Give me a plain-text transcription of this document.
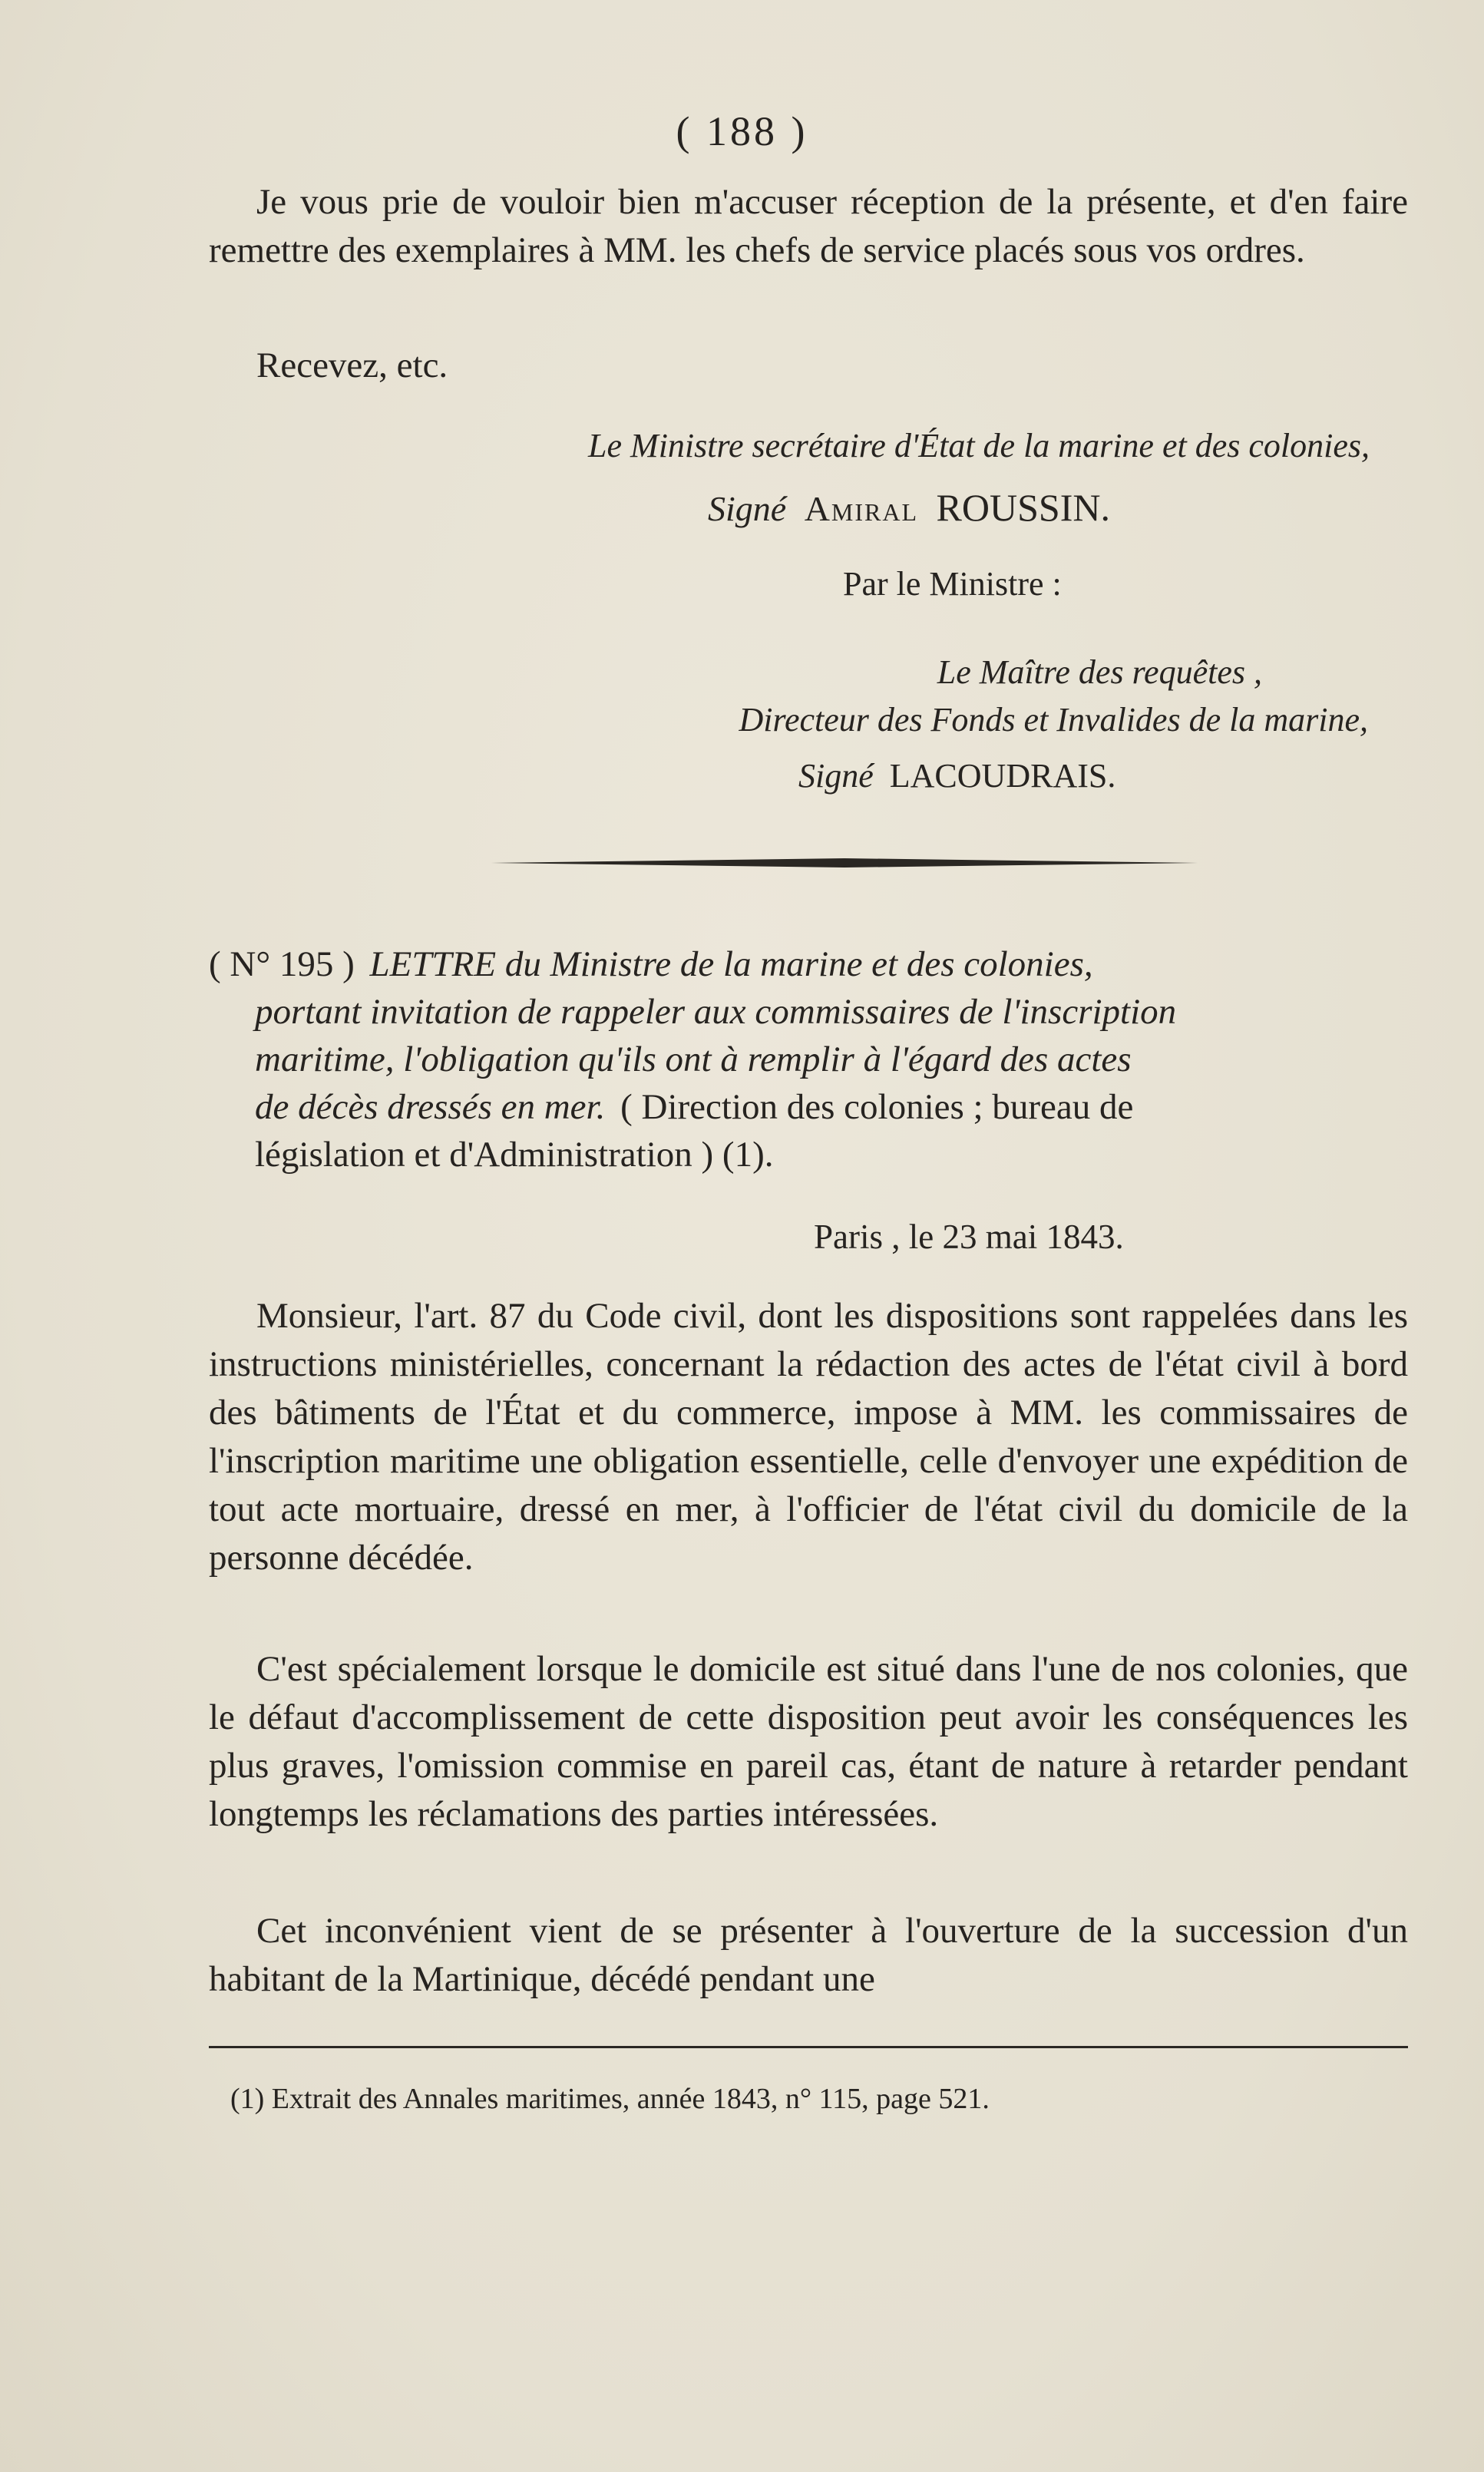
( 188 )

Je vous prie de vouloir bien m'accuser réception de la présente, et d'en faire remettre des exemplaires à MM. les chefs de service placés sous vos ordres.

Recevez, etc.

Le Ministre secrétaire d'État de la marine et des colonies,
Signé Amiral ROUSSIN.
Par le Ministre :
Le Maître des requêtes ,
Directeur des Fonds et Invalides de la marine,
Signé LACOUDRAIS.
( N° 195 ) LETTRE du Ministre de la marine et des colonies,
portant invitation de rappeler aux commissaires de l'inscription
maritime, l'obligation qu'ils ont à remplir à l'égard des actes
de décès dressés en mer. ( Direction des colonies ; bureau de
législation et d'Administration ) (1).
Paris , le 23 mai 1843.

Monsieur, l'art. 87 du Code civil, dont les dispositions sont rappelées dans les instructions ministérielles, concernant la rédaction des actes de l'état civil à bord des bâtiments de l'État et du commerce, impose à MM. les commissaires de l'inscription maritime une obligation essentielle, celle d'envoyer une expédition de tout acte mortuaire, dressé en mer, à l'officier de l'état civil du domicile de la personne décédée.

C'est spécialement lorsque le domicile est situé dans l'une de nos colonies, que le défaut d'accomplissement de cette disposition peut avoir les conséquences les plus graves, l'omission commise en pareil cas, étant de nature à retarder pendant longtemps les réclamations des parties intéressées.

Cet inconvénient vient de se présenter à l'ouverture de la succession d'un habitant de la Martinique, décédé pendant une

(1) Extrait des Annales maritimes, année 1843, n° 115, page 521.
